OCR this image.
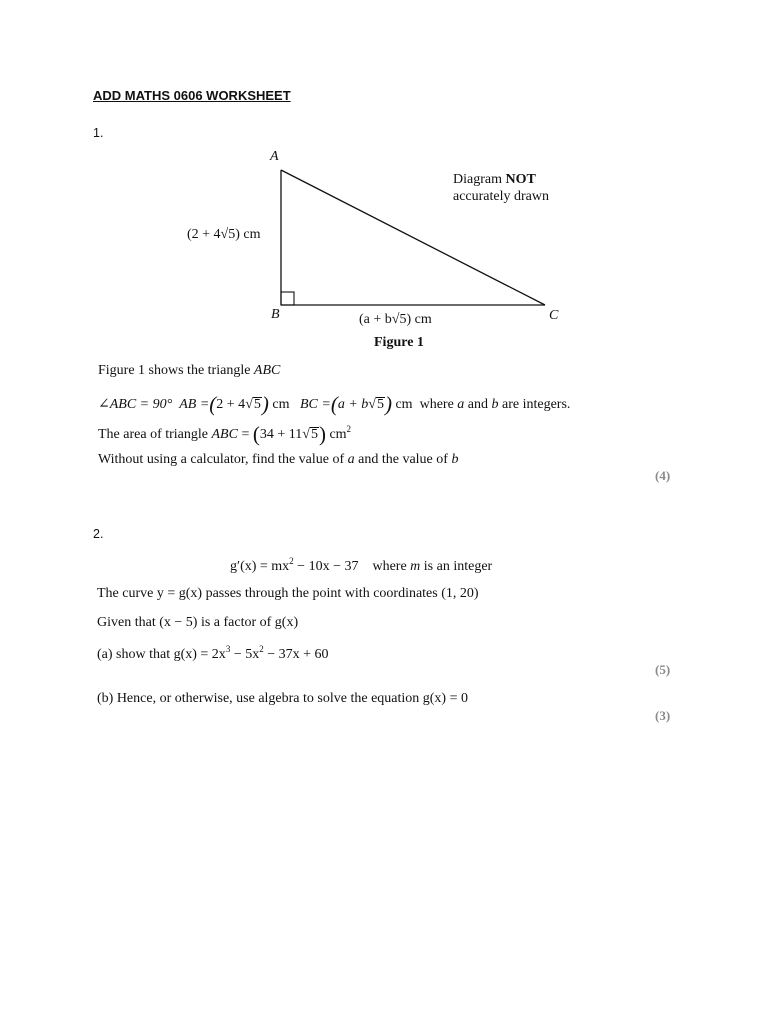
ADD MATHS 0606 WORKSHEET
1.
A
B	C
(2 + 4√5) cm
(a + b√5) cm
Diagram NOT
accurately drawn
Figure 1
Figure 1 shows the triangle ABC
∠ABC = 90° AB =(2 + 4√5) cm BC =(a + b√5) cm where a and b are integers.
The area of triangle ABC = (34 + 11√5) $cm^2$
Without using a calculator, find the value of a and the value of b
(4)
2.
$g'(x) = mx^2 - 10x - 37$ where m is an integer
The curve y = g(x) passes through the point with coordinates (1, 20)
Given that (x − 5) is a factor of g(x)
(a) show that $g(x) = 2x^3 - 5x^2 - 37x + 60$
(5)
(b) Hence, or otherwise, use algebra to solve the equation g(x) = 0
(3)
